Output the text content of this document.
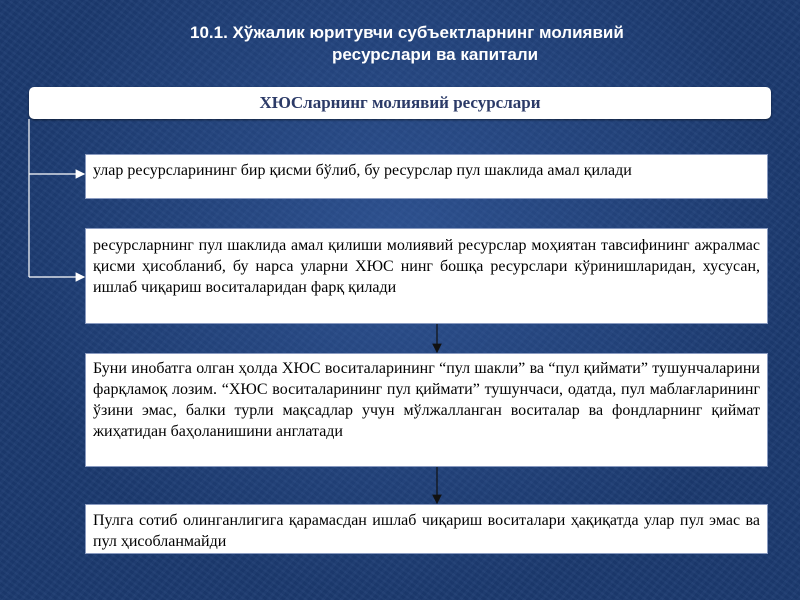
10.1. Хўжалик юритувчи субъектларнинг молиявий
ресурслари ва капитали
ХЮСларнинг молиявий ресурслари
улар ресурсларининг бир қисми бўлиб, бу ресурслар пул шаклида амал қилади
ресурсларнинг пул шаклида амал қилиши молиявий ресурслар моҳиятан тавсифининг ажралмас қисми ҳисобланиб, бу нарса уларни ХЮС нинг бошқа ресурслари кўринишларидан, хусусан, ишлаб чиқариш воситаларидан фарқ қилади
Буни инобатга олган ҳолда ХЮС воситаларининг “пул шакли” ва “пул қиймати” тушунчаларини фарқламоқ лозим. “ХЮС воситаларининг пул қиймати” тушунчаси, одатда, пул маблағларининг ўзини эмас, балки турли мақсадлар учун мўлжалланган воситалар ва фондларнинг қиймат жиҳатидан баҳоланишини англатади
Пулга сотиб олинганлигига қарамасдан ишлаб чиқариш воситалари ҳақиқатда улар пул эмас ва пул ҳисобланмайди
